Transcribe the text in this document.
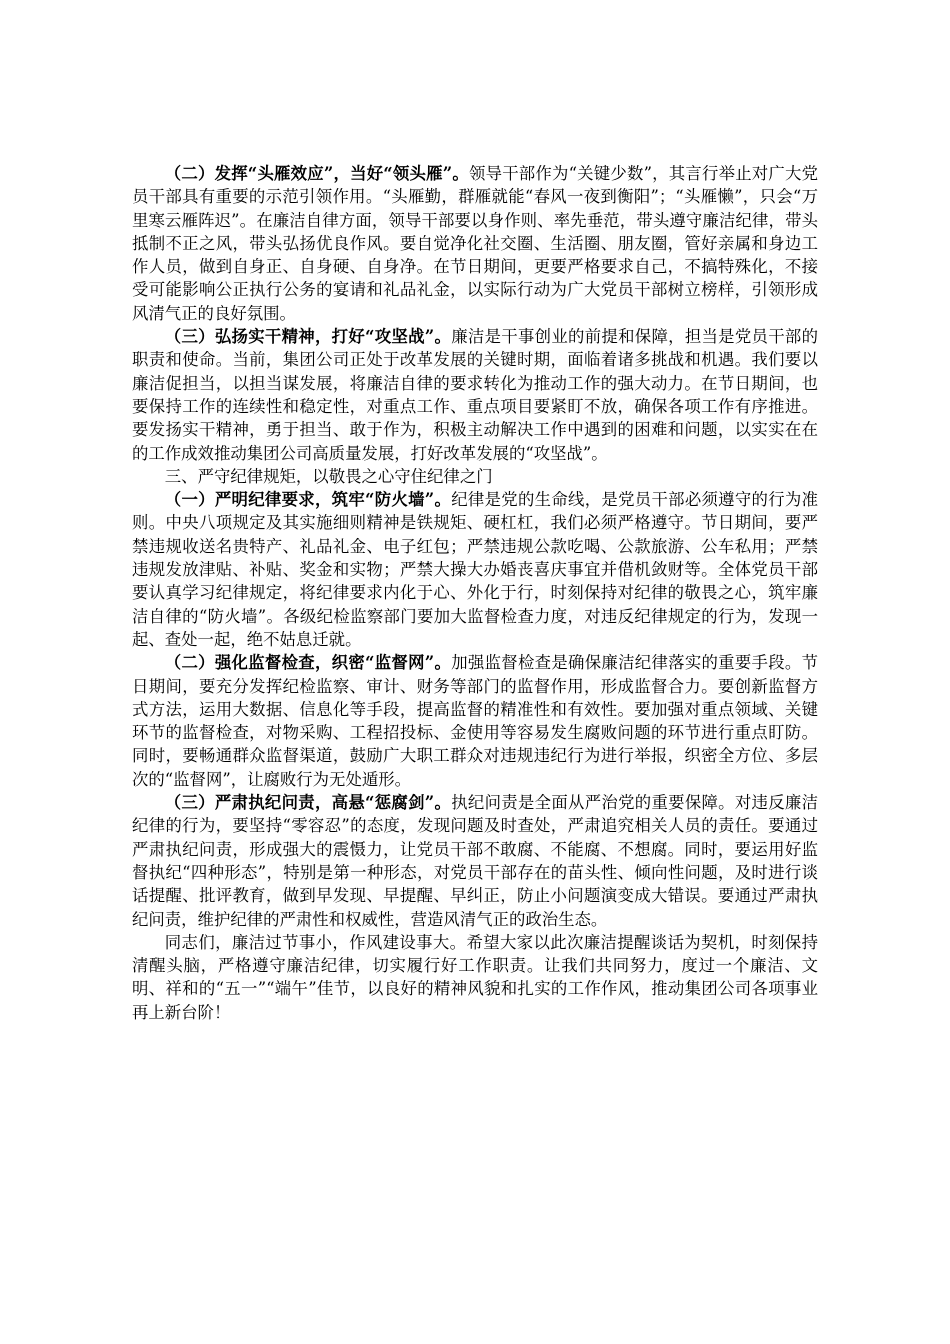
（二）发挥“头雁效应”，当好“领头雁”。领导干部作为“关键少数”，其言行举止对广大党员干部具有重要的示范引领作用。“头雁勤，群雁就能“春风一夜到衡阳”；“头雁懒”，只会“万里寒云雁阵迟”。在廉洁自律方面，领导干部要以身作则、率先垂范，带头遵守廉洁纪律，带头抵制不正之风，带头弘扬优良作风。要自觉净化社交圈、生活圈、朋友圈，管好亲属和身边工作人员，做到自身正、自身硬、自身净。在节日期间，更要严格要求自己，不搞特殊化，不接受可能影响公正执行公务的宴请和礼品礼金，以实际行动为广大党员干部树立榜样，引领形成风清气正的良好氛围。

（三）弘扬实干精神，打好“攻坚战”。廉洁是干事创业的前提和保障，担当是党员干部的职责和使命。当前，集团公司正处于改革发展的关键时期，面临着诸多挑战和机遇。我们要以廉洁促担当，以担当谋发展，将廉洁自律的要求转化为推动工作的强大动力。在节日期间，也要保持工作的连续性和稳定性，对重点工作、重点项目要紧盯不放，确保各项工作有序推进。要发扬实干精神，勇于担当、敢于作为，积极主动解决工作中遇到的困难和问题，以实实在在的工作成效推动集团公司高质量发展，打好改革发展的“攻坚战”。

三、严守纪律规矩，以敬畏之心守住纪律之门

（一）严明纪律要求，筑牢“防火墙”。纪律是党的生命线，是党员干部必须遵守的行为准则。中央八项规定及其实施细则精神是铁规矩、硬杠杠，我们必须严格遵守。节日期间，要严禁违规收送名贵特产、礼品礼金、电子红包；严禁违规公款吃喝、公款旅游、公车私用；严禁违规发放津贴、补贴、奖金和实物；严禁大操大办婚丧喜庆事宜并借机敛财等。全体党员干部要认真学习纪律规定，将纪律要求内化于心、外化于行，时刻保持对纪律的敬畏之心，筑牢廉洁自律的“防火墙”。各级纪检监察部门要加大监督检查力度，对违反纪律规定的行为，发现一起、查处一起，绝不姑息迁就。

（二）强化监督检查，织密“监督网”。加强监督检查是确保廉洁纪律落实的重要手段。节日期间，要充分发挥纪检监察、审计、财务等部门的监督作用，形成监督合力。要创新监督方式方法，运用大数据、信息化等手段，提高监督的精准性和有效性。要加强对重点领域、关键环节的监督检查，对物采购、工程招投标、金使用等容易发生腐败问题的环节进行重点盯防。同时，要畅通群众监督渠道，鼓励广大职工群众对违规违纪行为进行举报，织密全方位、多层次的“监督网”，让腐败行为无处遁形。

（三）严肃执纪问责，高悬“惩腐剑”。执纪问责是全面从严治党的重要保障。对违反廉洁纪律的行为，要坚持“零容忍”的态度，发现问题及时查处，严肃追究相关人员的责任。要通过严肃执纪问责，形成强大的震慑力，让党员干部不敢腐、不能腐、不想腐。同时，要运用好监督执纪“四种形态”，特别是第一种形态，对党员干部存在的苗头性、倾向性问题，及时进行谈话提醒、批评教育，做到早发现、早提醒、早纠正，防止小问题演变成大错误。要通过严肃执纪问责，维护纪律的严肃性和权威性，营造风清气正的政治生态。

同志们，廉洁过节事小，作风建设事大。希望大家以此次廉洁提醒谈话为契机，时刻保持清醒头脑，严格遵守廉洁纪律，切实履行好工作职责。让我们共同努力，度过一个廉洁、文明、祥和的“五一”“端午”佳节，以良好的精神风貌和扎实的工作作风，推动集团公司各项事业再上新台阶！
